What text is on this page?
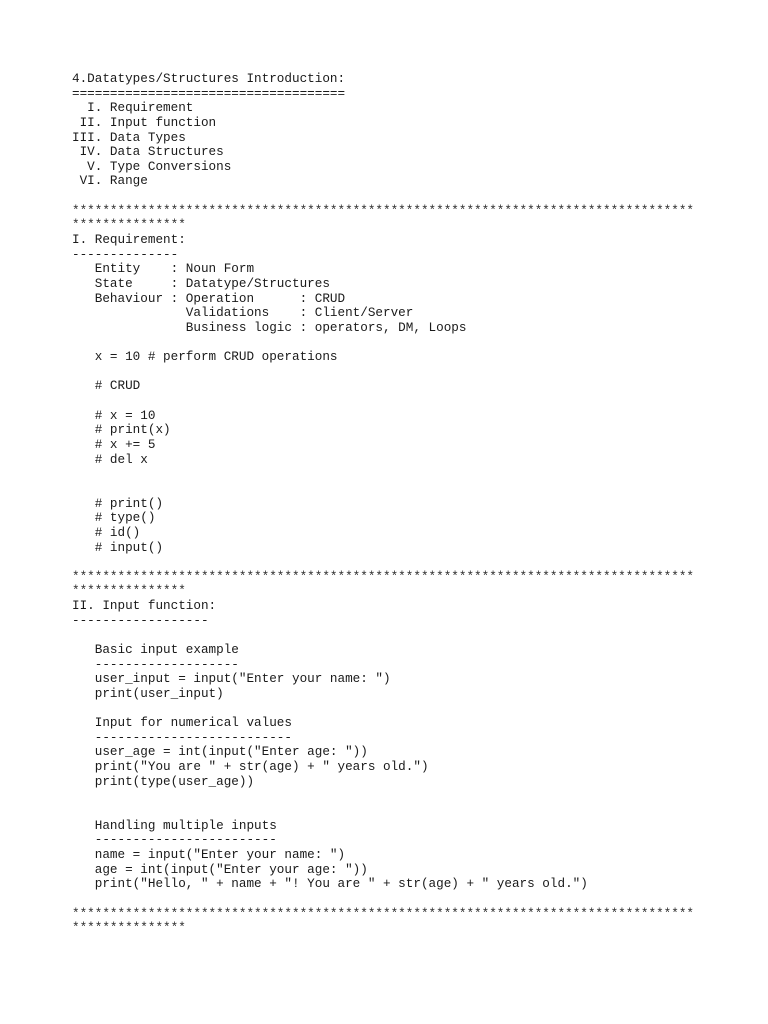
4.Datatypes/Structures Introduction:
====================================
I. Requirement
II. Input function
III. Data Types
IV. Data Structures
V. Type Conversions
VI. Range
**********************************************************************************
***************
I. Requirement:
--------------
Entity    : Noun Form
State     : Datatype/Structures
Behaviour : Operation      : CRUD
Validations    : Client/Server
Business logic : operators, DM, Loops
x = 10 # perform CRUD operations
# CRUD
# x = 10
# print(x)
# x += 5
# del x
# print()
# type()
# id()
# input()
**********************************************************************************
***************
II. Input function:
------------------
Basic input example
-------------------
user_input = input("Enter your name: ")
print(user_input)
Input for numerical values
--------------------------
user_age = int(input("Enter age: "))
print("You are " + str(age) + " years old.")
print(type(user_age))
Handling multiple inputs
------------------------
name = input("Enter your name: ")
age = int(input("Enter your age: "))
print("Hello, " + name + "! You are " + str(age) + " years old.")
**********************************************************************************
***************
